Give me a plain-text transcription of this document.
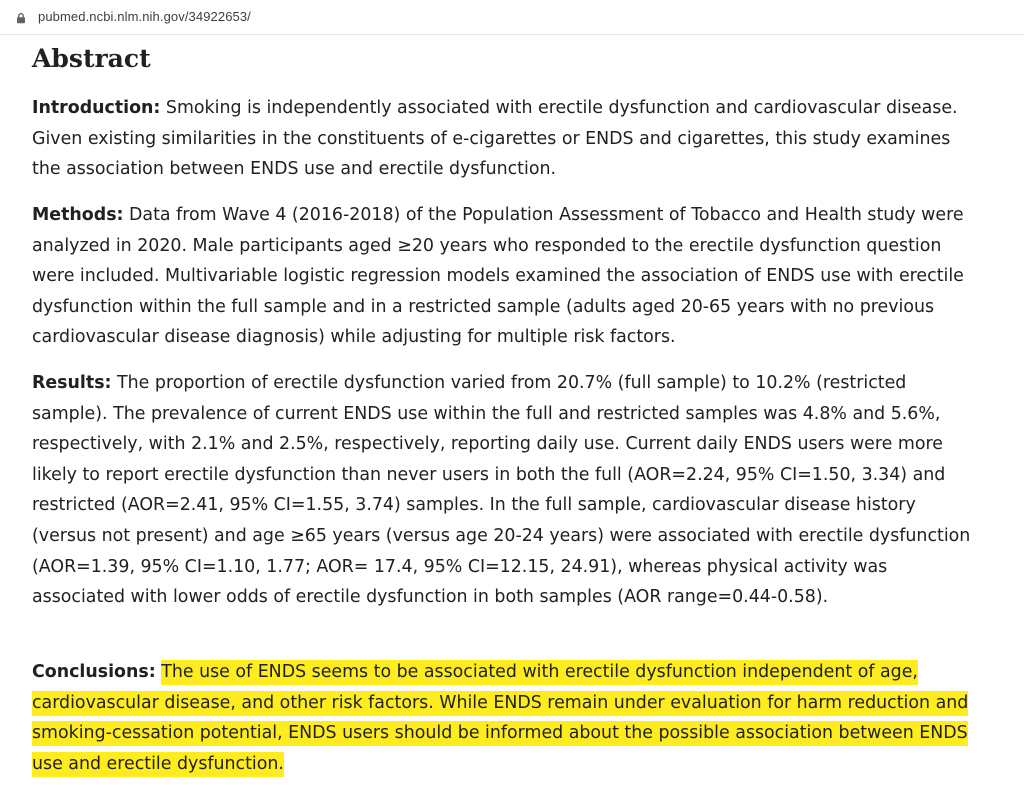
pubmed.ncbi.nlm.nih.gov/34922653/
Abstract

Introduction: Smoking is independently associated with erectile dysfunction and cardiovascular disease. Given existing similarities in the constituents of e-cigarettes or ENDS and cigarettes, this study examines the association between ENDS use and erectile dysfunction.

Methods: Data from Wave 4 (2016-2018) of the Population Assessment of Tobacco and Health study were analyzed in 2020. Male participants aged ≥20 years who responded to the erectile dysfunction question were included. Multivariable logistic regression models examined the association of ENDS use with erectile dysfunction within the full sample and in a restricted sample (adults aged 20-65 years with no previous cardiovascular disease diagnosis) while adjusting for multiple risk factors.

Results: The proportion of erectile dysfunction varied from 20.7% (full sample) to 10.2% (restricted sample). The prevalence of current ENDS use within the full and restricted samples was 4.8% and 5.6%, respectively, with 2.1% and 2.5%, respectively, reporting daily use. Current daily ENDS users were more likely to report erectile dysfunction than never users in both the full (AOR=2.24, 95% CI=1.50, 3.34) and restricted (AOR=2.41, 95% CI=1.55, 3.74) samples. In the full sample, cardiovascular disease history (versus not present) and age ≥65 years (versus age 20-24 years) were associated with erectile dysfunction (AOR=1.39, 95% CI=1.10, 1.77; AOR= 17.4, 95% CI=12.15, 24.91), whereas physical activity was associated with lower odds of erectile dysfunction in both samples (AOR range=0.44-0.58).

Conclusions: The use of ENDS seems to be associated with erectile dysfunction independent of age, cardiovascular disease, and other risk factors. While ENDS remain under evaluation for harm reduction and smoking-cessation potential, ENDS users should be informed about the possible association between ENDS use and erectile dysfunction.
